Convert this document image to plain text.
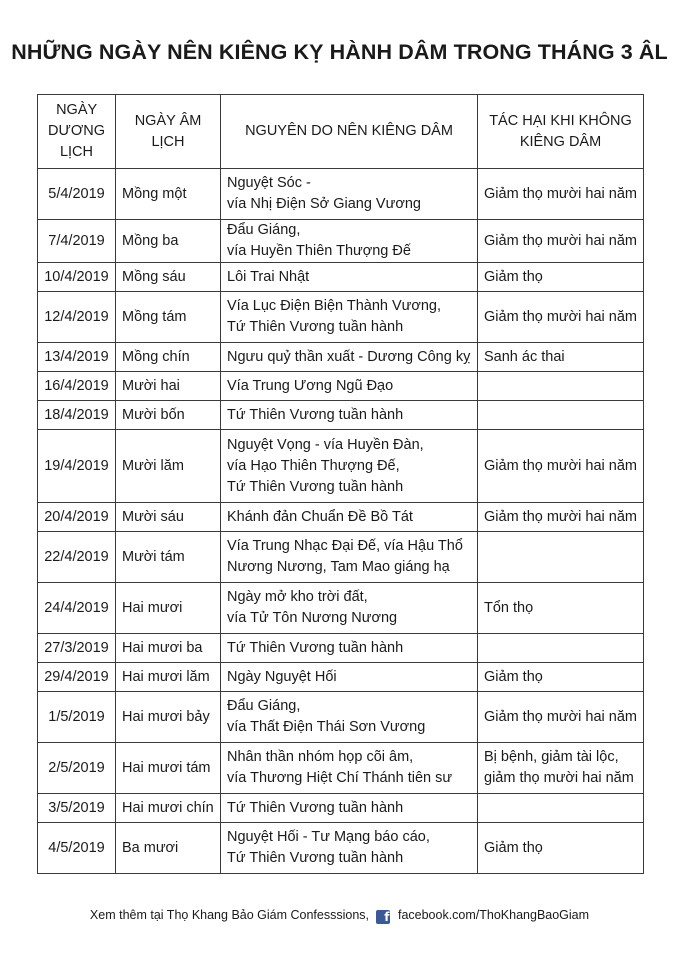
NHỮNG NGÀY NÊN KIÊNG KỴ HÀNH DÂM TRONG THÁNG 3 ÂL
NGÀY DƯƠNG LỊCH	NGÀY ÂM LỊCH	NGUYÊN DO NÊN KIÊNG DÂM	TÁC HẠI KHI KHÔNG KIÊNG DÂM
5/4/2019	Mồng một	Nguyệt Sóc -
vía Nhị Điện Sở Giang Vương	Giảm thọ mười hai năm

7/4/2019	Mồng ba	Đẩu Giáng,
vía Huyền Thiên Thượng Đế	Giảm thọ mười hai năm

10/4/2019	Mồng sáu	Lôi Trai Nhật	Giảm thọ

12/4/2019	Mồng tám	Vía Lục Điện Biện Thành Vương,
Tứ Thiên Vương tuần hành	Giảm thọ mười hai năm

13/4/2019	Mồng chín	Ngưu quỷ thần xuất - Dương Công kỵ	Sanh ác thai

16/4/2019	Mười hai	Vía Trung Ương Ngũ Đạo	

18/4/2019	Mười bốn	Tứ Thiên Vương tuần hành	

19/4/2019	Mười lăm	Nguyệt Vọng - vía Huyền Đàn,
vía Hạo Thiên Thượng Đế,
Tứ Thiên Vương tuần hành	Giảm thọ mười hai năm

20/4/2019	Mười sáu	Khánh đản Chuẩn Đề Bồ Tát	Giảm thọ mười hai năm

22/4/2019	Mười tám	Vía Trung Nhạc Đại Đế, vía Hậu Thổ
Nương Nương, Tam Mao giáng hạ	

24/4/2019	Hai mươi	Ngày mở kho trời đất,
vía Tử Tôn Nương Nương	Tổn thọ

27/3/2019	Hai mươi ba	Tứ Thiên Vương tuần hành	

29/4/2019	Hai mươi lăm	Ngày Nguyệt Hối	Giảm thọ

1/5/2019	Hai mươi bảy	Đẩu Giáng,
vía Thất Điện Thái Sơn Vương	Giảm thọ mười hai năm

2/5/2019	Hai mươi tám	Nhân thần nhóm họp cõi âm,
vía Thương Hiệt Chí Thánh tiên sư	Bị bệnh, giảm tài lộc,
giảm thọ mười hai năm

3/5/2019	Hai mươi chín	Tứ Thiên Vương tuần hành	

4/5/2019	Ba mươi	Nguyệt Hối - Tư Mạng báo cáo,
Tứ Thiên Vương tuần hành	Giảm thọ
Xem thêm tại Thọ Khang Bảo Giám Confesssions, f facebook.com/ThoKhangBaoGiam
